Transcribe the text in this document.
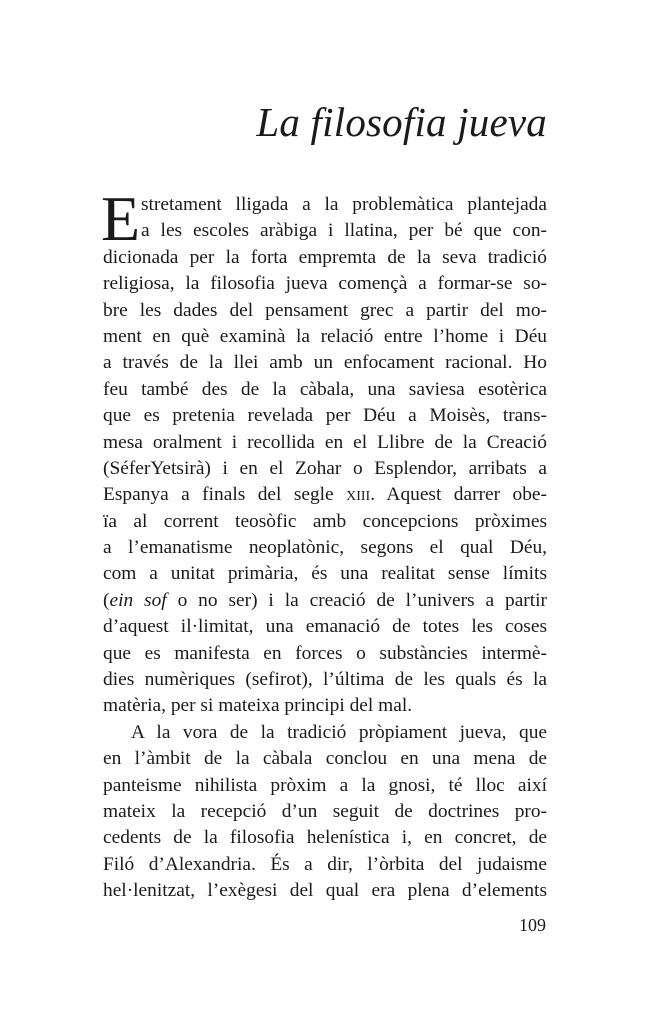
La filosofia jueva
E stretament lligada a la problemàtica plantejada
a les escoles aràbiga i llatina, per bé que con-
dicionada per la forta empremta de la seva tradició
religiosa, la filosofia jueva començà a formar-se so-
bre les dades del pensament grec a partir del mo-
ment en què examinà la relació entre l’home i Déu
a través de la llei amb un enfocament racional. Ho
feu també des de la càbala, una saviesa esotèrica
que es pretenia revelada per Déu a Moisès, trans-
mesa oralment i recollida en el Llibre de la Creació
(SéferYetsirà) i en el Zohar o Esplendor, arribats a
Espanya a finals del segle xiii. Aquest darrer obe-
ïa al corrent teosòfic amb concepcions pròximes
a l’emanatisme neoplatònic, segons el qual Déu,
com a unitat primària, és una realitat sense límits
(ein sof o no ser) i la creació de l’univers a partir
d’aquest il·limitat, una emanació de totes les coses
que es manifesta en forces o substàncies intermè-
dies numèriques (sefirot), l’última de les quals és la
matèria, per si mateixa principi del mal.
A la vora de la tradició pròpiament jueva, que
en l’àmbit de la càbala conclou en una mena de
panteisme nihilista pròxim a la gnosi, té lloc així
mateix la recepció d’un seguit de doctrines pro-
cedents de la filosofia helenística i, en concret, de
Filó d’Alexandria. És a dir, l’òrbita del judaisme
hel·lenitzat, l’exègesi del qual era plena d’elements
109
